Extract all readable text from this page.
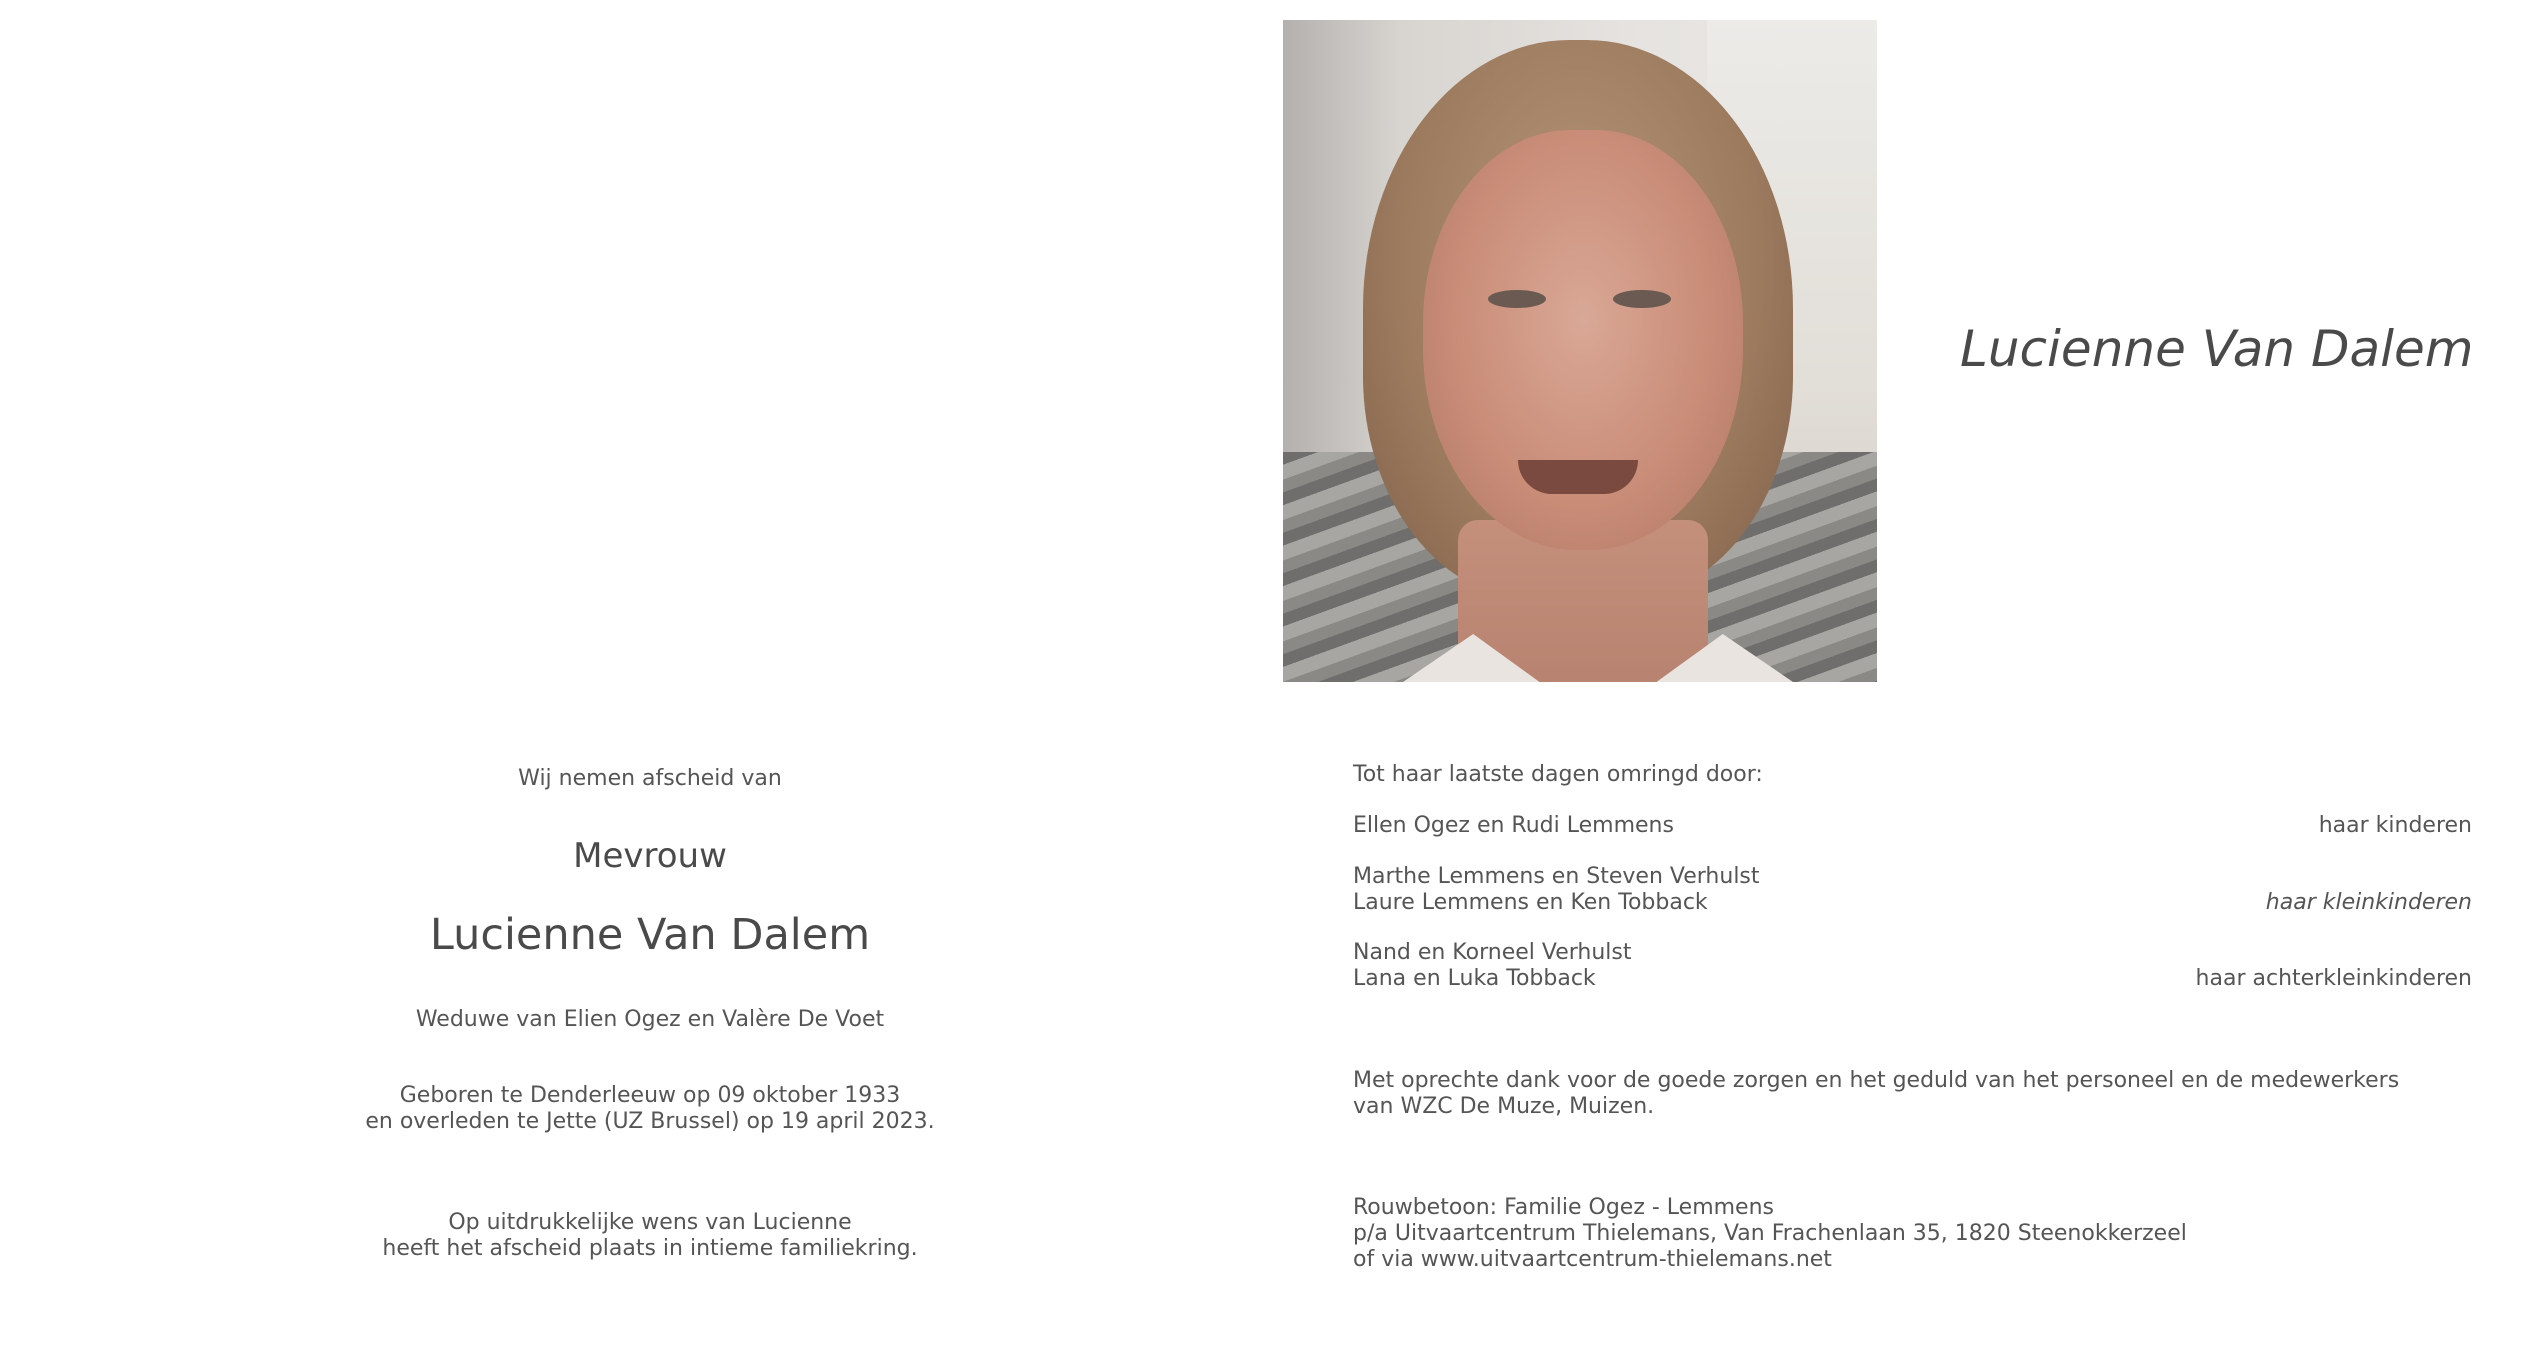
Wij nemen afscheid van
Mevrouw
Lucienne Van Dalem
Weduwe van Elien Ogez en Valère De Voet
Geboren te Denderleeuw op 09 oktober 1933
en overleden te Jette (UZ Brussel) op 19 april 2023.
Op uitdrukkelijke wens van Lucienne
heeft het afscheid plaats in intieme familiekring.
Lucienne Van Dalem
Tot haar laatste dagen omringd door:
Ellen Ogez en Rudi Lemmens	haar kinderen
Marthe Lemmens en Steven Verhulst
Laure Lemmens en Ken Tobback	haar kleinkinderen
Nand en Korneel Verhulst
Lana en Luka Tobback	haar achterkleinkinderen
Met oprechte dank voor de goede zorgen en het geduld van het personeel en de medewerkers
van WZC De Muze, Muizen.
Rouwbetoon: Familie Ogez - Lemmens
p/a Uitvaartcentrum Thielemans, Van Frachenlaan 35, 1820 Steenokkerzeel
of via www.uitvaartcentrum-thielemans.net
